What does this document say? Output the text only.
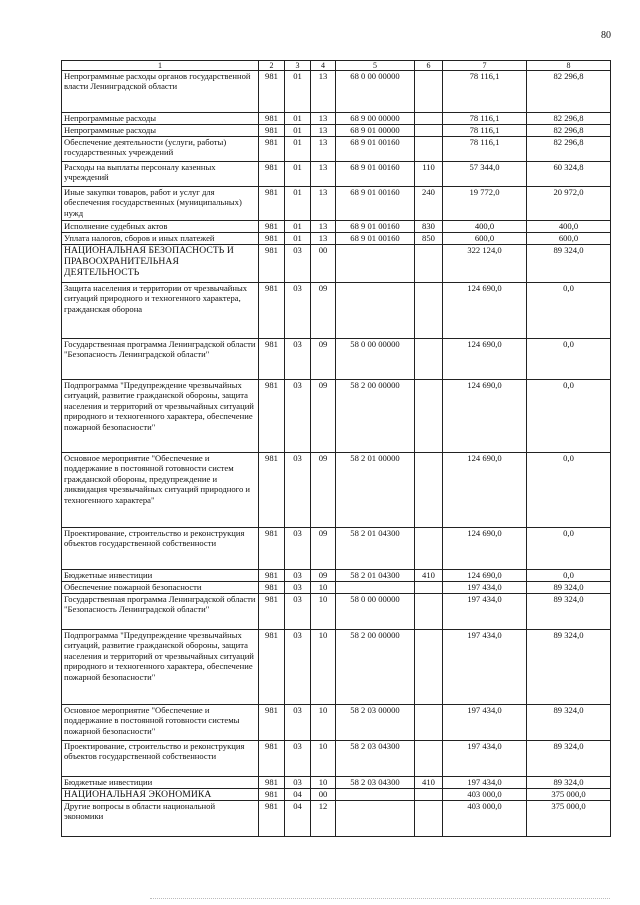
80
1	2	3	4	5	6	7	8
Непрограммные расходы органов государственной власти Ленинградской области	981	01	13	68 0 00 00000		78 116,1	82 296,8
Непрограммные расходы	981	01	13	68 9 00 00000		78 116,1	82 296,8
Непрограммные расходы	981	01	13	68 9 01 00000		78 116,1	82 296,8
Обеспечение деятельности (услуги, работы) государственных учреждений	981	01	13	68 9 01 00160		78 116,1	82 296,8
Расходы на выплаты персоналу казенных учреждений	981	01	13	68 9 01 00160	110	57 344,0	60 324,8
Иные закупки товаров, работ и услуг для обеспечения государственных (муниципальных) нужд	981	01	13	68 9 01 00160	240	19 772,0	20 972,0
Исполнение судебных актов	981	01	13	68 9 01 00160	830	400,0	400,0
Уплата налогов, сборов и иных платежей	981	01	13	68 9 01 00160	850	600,0	600,0
НАЦИОНАЛЬНАЯ БЕЗОПАСНОСТЬ И ПРАВООХРАНИТЕЛЬНАЯ ДЕЯТЕЛЬНОСТЬ	981	03	00			322 124,0	89 324,0
Защита населения и территории от чрезвычайных ситуаций природного и техногенного характера, гражданская оборона	981	03	09			124 690,0	0,0
Государственная программа Ленинградской области "Безопасность Ленинградской области"	981	03	09	58 0 00 00000		124 690,0	0,0
Подпрограмма "Предупреждение чрезвычайных ситуаций, развитие гражданской обороны, защита населения и территорий от чрезвычайных ситуаций природного и техногенного характера, обеспечение пожарной безопасности"	981	03	09	58 2 00 00000		124 690,0	0,0
Основное мероприятие "Обеспечение и поддержание в постоянной готовности систем гражданской обороны, предупреждение и ликвидация чрезвычайных ситуаций природного и техногенного характера"	981	03	09	58 2 01 00000		124 690,0	0,0
Проектирование, строительство и реконструкция объектов государственной собственности	981	03	09	58 2 01 04300		124 690,0	0,0
Бюджетные инвестиции	981	03	09	58 2 01 04300	410	124 690,0	0,0
Обеспечение пожарной безопасности	981	03	10			197 434,0	89 324,0
Государственная программа Ленинградской области "Безопасность Ленинградской области"	981	03	10	58 0 00 00000		197 434,0	89 324,0
Подпрограмма "Предупреждение чрезвычайных ситуаций, развитие гражданской обороны, защита населения и территорий от чрезвычайных ситуаций природного и техногенного характера, обеспечение пожарной безопасности"	981	03	10	58 2 00 00000		197 434,0	89 324,0
Основное мероприятие "Обеспечение и поддержание в постоянной готовности системы пожарной безопасности"	981	03	10	58 2 03 00000		197 434,0	89 324,0
Проектирование, строительство и реконструкция объектов государственной собственности	981	03	10	58 2 03 04300		197 434,0	89 324,0
Бюджетные инвестиции	981	03	10	58 2 03 04300	410	197 434,0	89 324,0
НАЦИОНАЛЬНАЯ ЭКОНОМИКА	981	04	00			403 000,0	375 000,0
Другие вопросы в области национальной экономики	981	04	12			403 000,0	375 000,0
